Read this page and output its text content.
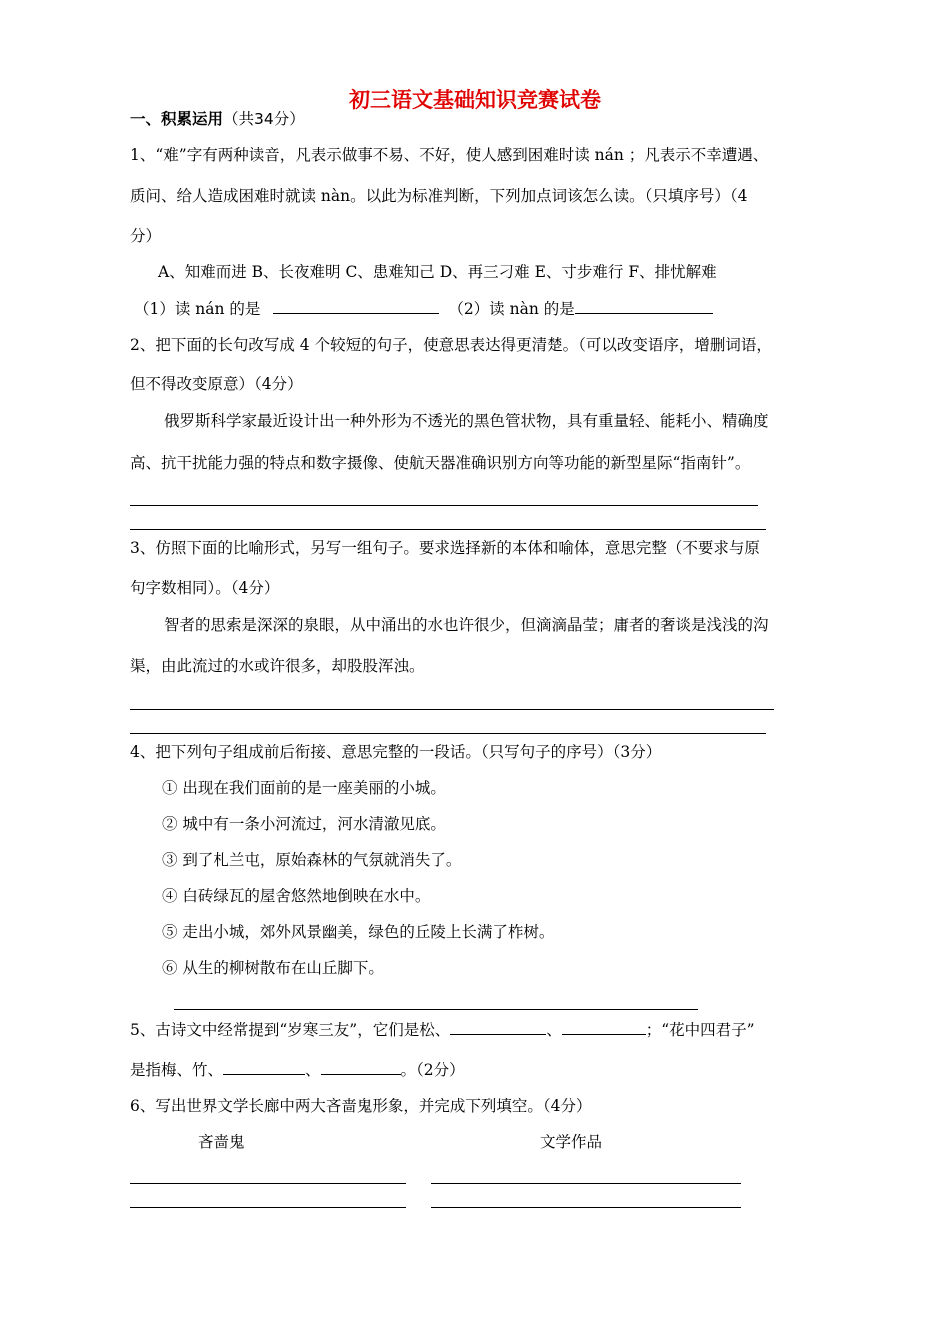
初三语文基础知识竞赛试卷
一、积累运用（共34分）
1、“难”字有两种读音，凡表示做事不易、不好，使人感到困难时读 nán ；凡表示不幸遭遇、
质问、给人造成困难时就读 nàn。以此为标准判断，下列加点词该怎么读。（只填序号）（4
分）
A、知难而进 B、长夜难明 C、患难知己 D、再三刁难 E、寸步难行 F、排忧解难
（1）读 nán 的是	（2）读 nàn 的是
2、把下面的长句改写成 4 个较短的句子，使意思表达得更清楚。（可以改变语序，增删词语，
但不得改变原意）（4分）
俄罗斯科学家最近设计出一种外形为不透光的黑色管状物，具有重量轻、能耗小、精确度
高、抗干扰能力强的特点和数字摄像、使航天器准确识别方向等功能的新型星际“指南针”。
3、仿照下面的比喻形式，另写一组句子。要求选择新的本体和喻体，意思完整（不要求与原
句字数相同）。（4分）
智者的思索是深深的泉眼，从中涌出的水也许很少，但滴滴晶莹；庸者的奢谈是浅浅的沟
渠，由此流过的水或许很多，却股股浑浊。
4、把下列句子组成前后衔接、意思完整的一段话。（只写句子的序号）（3分）
① 出现在我们面前的是一座美丽的小城。
② 城中有一条小河流过，河水清澈见底。
③ 到了札兰屯，原始森林的气氛就消失了。
④ 白砖绿瓦的屋舍悠然地倒映在水中。
⑤ 走出小城，郊外风景幽美，绿色的丘陵上长满了柞树。
⑥ 从生的柳树散布在山丘脚下。
5、古诗文中经常提到“岁寒三友”，它们是松、	、	；“花中四君子”
是指梅、竹、	、	。（2分）
6、写出世界文学长廊中两大吝啬鬼形象，并完成下列填空。（4分）
吝啬鬼	文学作品
